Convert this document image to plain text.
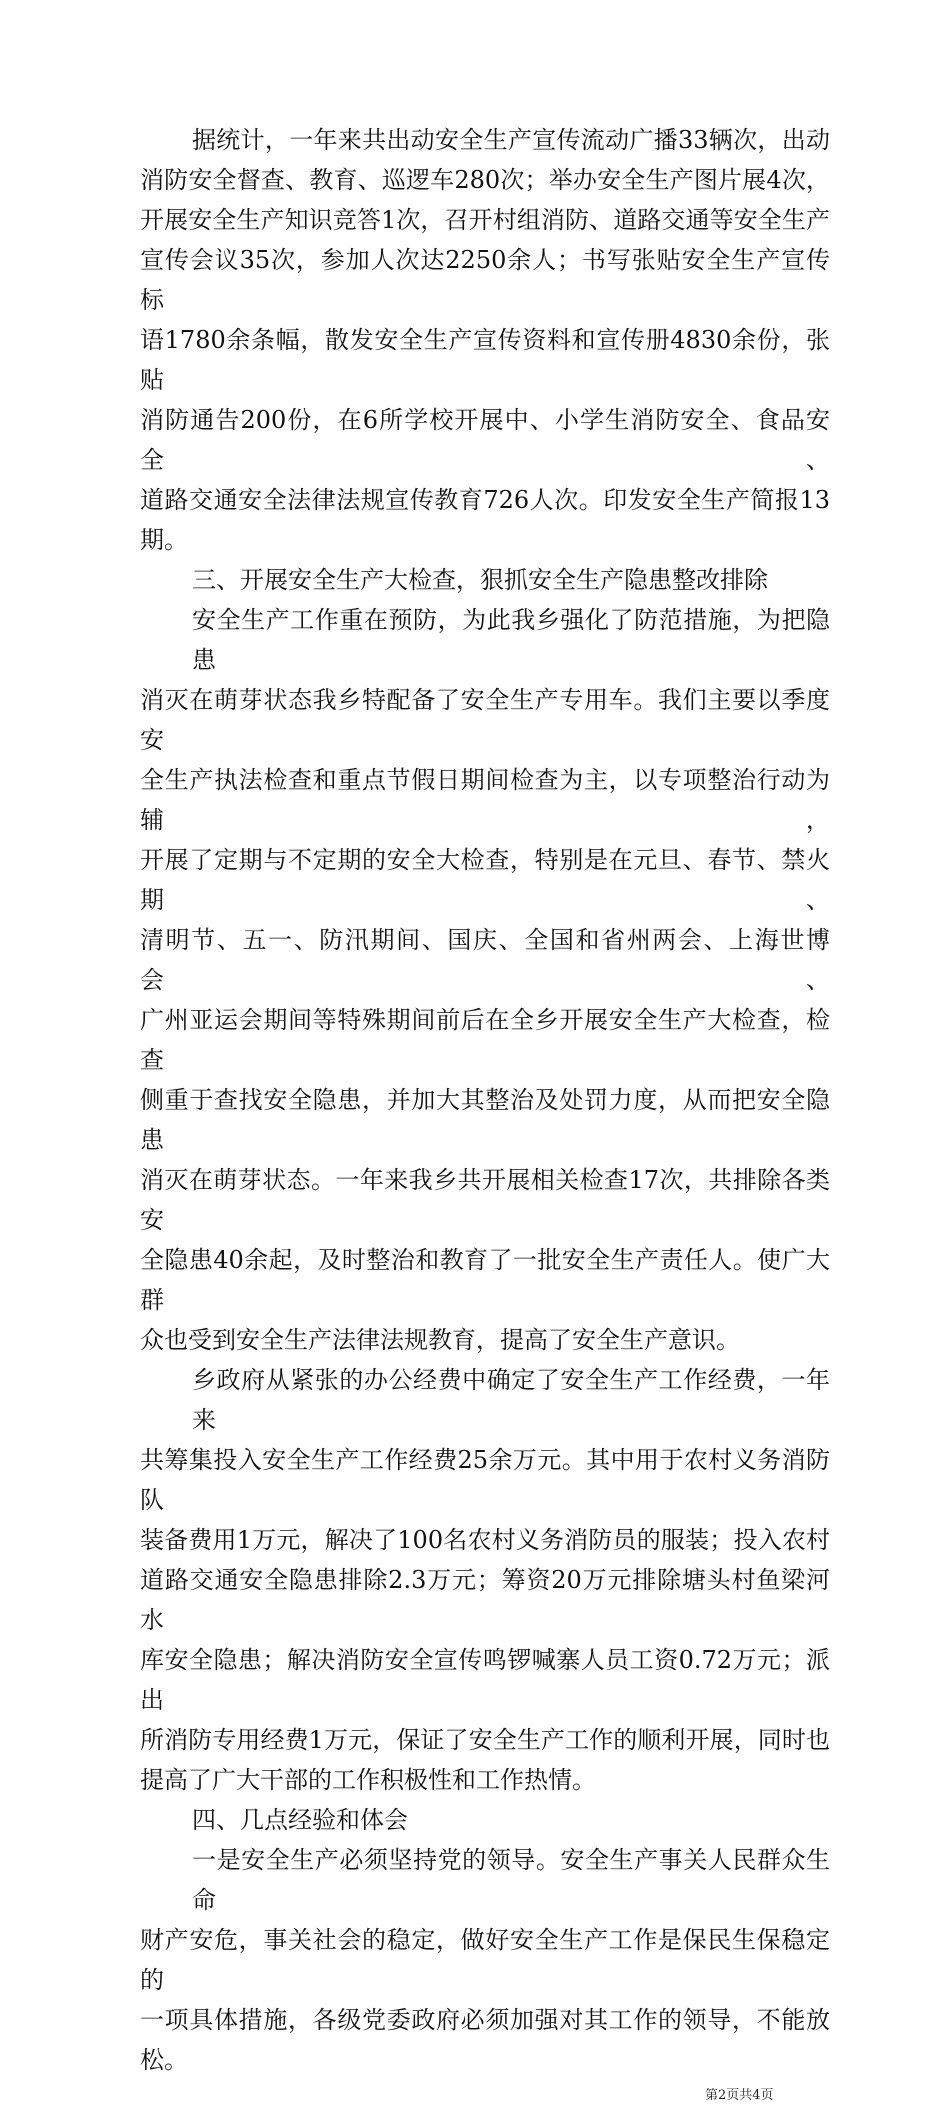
据统计，一年来共出动安全生产宣传流动广播33辆次，出动
消防安全督查、教育、巡逻车280次；举办安全生产图片展4次，
开展安全生产知识竞答1次，召开村组消防、道路交通等安全生产
宣传会议35次，参加人次达2250余人；书写张贴安全生产宣传标
语1780余条幅，散发安全生产宣传资料和宣传册4830余份，张贴
消防通告200份，在6所学校开展中、小学生消防安全、食品安全、
道路交通安全法律法规宣传教育726人次。印发安全生产简报13期。
三、开展安全生产大检查，狠抓安全生产隐患整改排除
安全生产工作重在预防，为此我乡强化了防范措施，为把隐患
消灭在萌芽状态我乡特配备了安全生产专用车。我们主要以季度安
全生产执法检查和重点节假日期间检查为主，以专项整治行动为辅，
开展了定期与不定期的安全大检查，特别是在元旦、春节、禁火期、
清明节、五一、防汛期间、国庆、全国和省州两会、上海世博会、
广州亚运会期间等特殊期间前后在全乡开展安全生产大检查，检查
侧重于查找安全隐患，并加大其整治及处罚力度，从而把安全隐患
消灭在萌芽状态。一年来我乡共开展相关检查17次，共排除各类安
全隐患40余起，及时整治和教育了一批安全生产责任人。使广大群
众也受到安全生产法律法规教育，提高了安全生产意识。
乡政府从紧张的办公经费中确定了安全生产工作经费，一年来
共筹集投入安全生产工作经费25余万元。其中用于农村义务消防队
装备费用1万元，解决了100名农村义务消防员的服装；投入农村
道路交通安全隐患排除2.3万元；筹资20万元排除塘头村鱼梁河水
库安全隐患；解决消防安全宣传鸣锣喊寨人员工资0.72万元；派出
所消防专用经费1万元，保证了安全生产工作的顺利开展，同时也
提高了广大干部的工作积极性和工作热情。
四、几点经验和体会
一是安全生产必须坚持党的领导。安全生产事关人民群众生命
财产安危，事关社会的稳定，做好安全生产工作是保民生保稳定的
一项具体措施，各级党委政府必须加强对其工作的领导，不能放松。
第2页共4页
